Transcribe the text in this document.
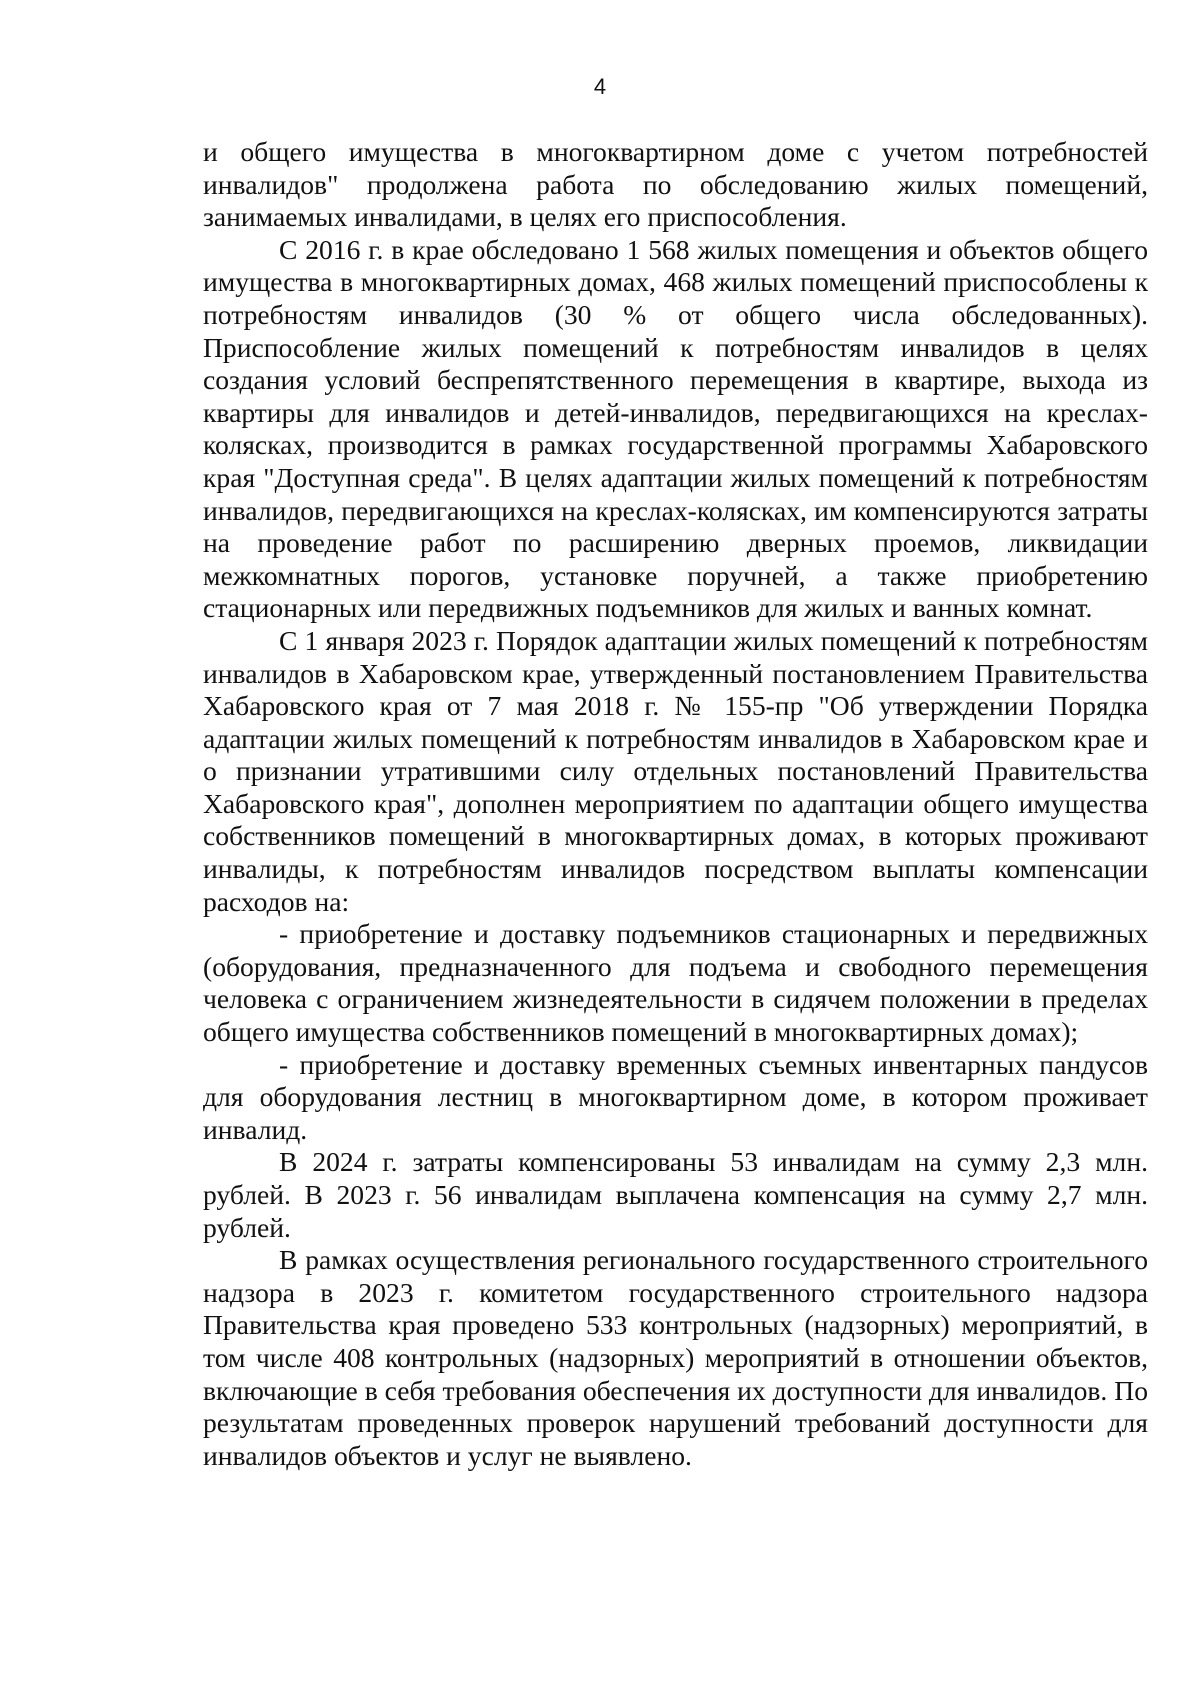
4

и общего имущества в многоквартирном доме с учетом потребностей инвалидов" продолжена работа по обследованию жилых помещений, занимаемых инвалидами, в целях его приспособления.

С 2016 г. в крае обследовано 1 568 жилых помещения и объектов общего имущества в многоквартирных домах, 468 жилых помещений приспособлены к потребностям инвалидов (30 % от общего числа обследованных). Приспособление жилых помещений к потребностям инвалидов в целях создания условий беспрепятственного перемещения в квартире, выхода из квартиры для инвалидов и детей-инвалидов, передвигающихся на креслах-колясках, производится в рамках государственной программы Хабаровского края "Доступная среда". В целях адаптации жилых помещений к потребностям инвалидов, передвигающихся на креслах-колясках, им компенсируются затраты на проведение работ по расширению дверных проемов, ликвидации межкомнатных порогов, установке поручней, а также приобретению стационарных или передвижных подъемников для жилых и ванных комнат.

С 1 января 2023 г. Порядок адаптации жилых помещений к потребностям инвалидов в Хабаровском крае, утвержденный постановлением Правительства Хабаровского края от 7 мая 2018 г. № 155-пр "Об утверждении Порядка адаптации жилых помещений к потребностям инвалидов в Хабаровском крае и о признании утратившими силу отдельных постановлений Правительства Хабаровского края", дополнен мероприятием по адаптации общего имущества собственников помещений в многоквартирных домах, в которых проживают инвалиды, к потребностям инвалидов посредством выплаты компенсации расходов на:

- приобретение и доставку подъемников стационарных и передвижных (оборудования, предназначенного для подъема и свободного перемещения человека с ограничением жизнедеятельности в сидячем положении в пределах общего имущества собственников помещений в многоквартирных домах);

- приобретение и доставку временных съемных инвентарных пандусов для оборудования лестниц в многоквартирном доме, в котором проживает инвалид.

В 2024 г. затраты компенсированы 53 инвалидам на сумму 2,3 млн. рублей. В 2023 г. 56 инвалидам выплачена компенсация на сумму 2,7 млн. рублей.

В рамках осуществления регионального государственного строительного надзора в 2023 г. комитетом государственного строительного надзора Правительства края проведено 533 контрольных (надзорных) мероприятий, в том числе 408 контрольных (надзорных) мероприятий в отношении объектов, включающие в себя требования обеспечения их доступности для инвалидов. По результатам проведенных проверок нарушений требований доступности для инвалидов объектов и услуг не выявлено.
